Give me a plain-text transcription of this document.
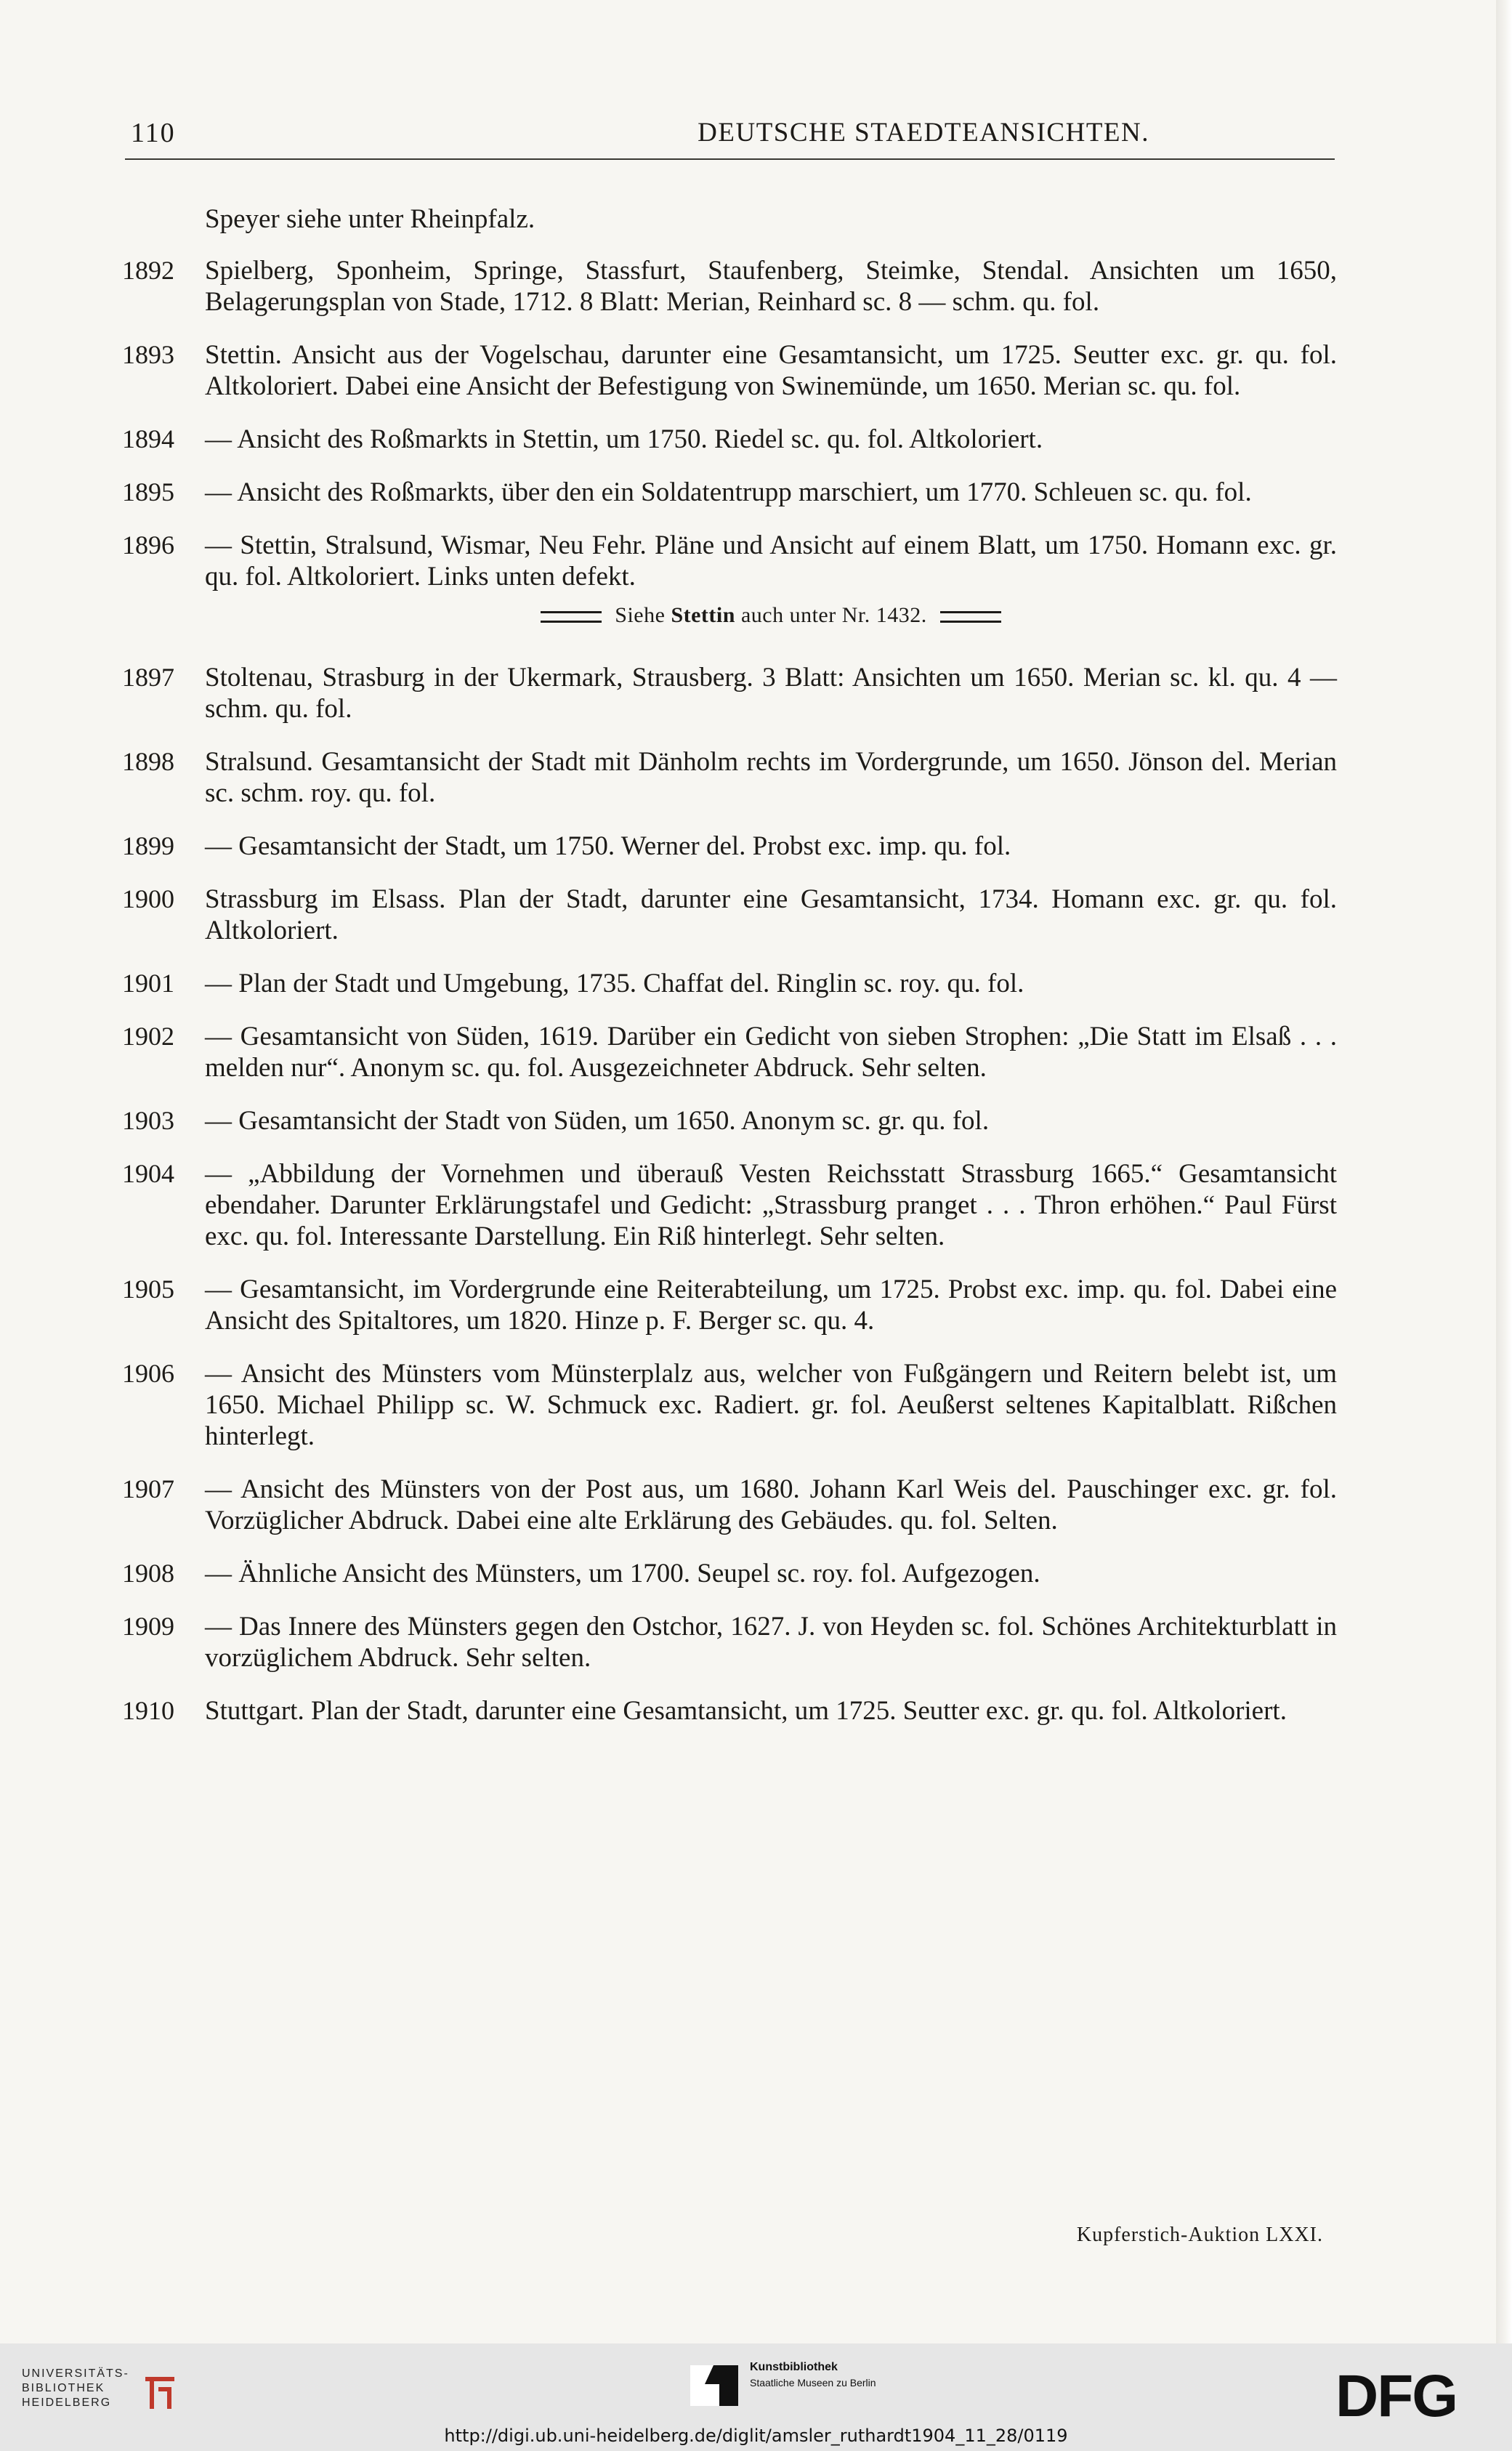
110	DEUTSCHE STAEDTEANSICHTEN.
Speyer siehe unter Rheinpfalz.
1892 Spielberg, Sponheim, Springe, Stassfurt, Staufenberg, Steimke, Stendal. Ansichten um 1650, Belagerungsplan von Stade, 1712. 8 Blatt: Merian, Reinhard sc. 8 — schm. qu. fol.
1893 Stettin. Ansicht aus der Vogelschau, darunter eine Gesamtansicht, um 1725. Seutter exc. gr. qu. fol. Altkoloriert. Dabei eine Ansicht der Befestigung von Swinemünde, um 1650. Merian sc. qu. fol.
1894 — Ansicht des Roßmarkts in Stettin, um 1750. Riedel sc. qu. fol. Altkoloriert.
1895 — Ansicht des Roßmarkts, über den ein Soldatentrupp marschiert, um 1770. Schleuen sc. qu. fol.
1896 — Stettin, Stralsund, Wismar, Neu Fehr. Pläne und Ansicht auf einem Blatt, um 1750. Homann exc. gr. qu. fol. Altkoloriert. Links unten defekt.
Siehe Stettin auch unter Nr. 1432.
1897 Stoltenau, Strasburg in der Ukermark, Strausberg. 3 Blatt: Ansichten um 1650. Merian sc. kl. qu. 4 — schm. qu. fol.
1898 Stralsund. Gesamtansicht der Stadt mit Dänholm rechts im Vordergrunde, um 1650. Jönson del. Merian sc. schm. roy. qu. fol.
1899 — Gesamtansicht der Stadt, um 1750. Werner del. Probst exc. imp. qu. fol.
1900 Strassburg im Elsass. Plan der Stadt, darunter eine Gesamtansicht, 1734. Homann exc. gr. qu. fol. Altkoloriert.
1901 — Plan der Stadt und Umgebung, 1735. Chaffat del. Ringlin sc. roy. qu. fol.
1902 — Gesamtansicht von Süden, 1619. Darüber ein Gedicht von sieben Strophen: „Die Statt im Elsaß . . . melden nur“. Anonym sc. qu. fol. Ausgezeichneter Abdruck. Sehr selten.
1903 — Gesamtansicht der Stadt von Süden, um 1650. Anonym sc. gr. qu. fol.
1904 — „Abbildung der Vornehmen und überauß Vesten Reichsstatt Strassburg 1665.“ Gesamtansicht ebendaher. Darunter Erklärungstafel und Gedicht: „Strassburg pranget . . . Thron erhöhen.“ Paul Fürst exc. qu. fol. Interessante Darstellung. Ein Riß hinterlegt. Sehr selten.
1905 — Gesamtansicht, im Vordergrunde eine Reiterabteilung, um 1725. Probst exc. imp. qu. fol. Dabei eine Ansicht des Spitaltores, um 1820. Hinze p. F. Berger sc. qu. 4.
1906 — Ansicht des Münsters vom Münsterplalz aus, welcher von Fußgängern und Reitern belebt ist, um 1650. Michael Philipp sc. W. Schmuck exc. Radiert. gr. fol. Aeußerst seltenes Kapitalblatt. Rißchen hinterlegt.
1907 — Ansicht des Münsters von der Post aus, um 1680. Johann Karl Weis del. Pauschinger exc. gr. fol. Vorzüglicher Abdruck. Dabei eine alte Erklärung des Gebäudes. qu. fol. Selten.
1908 — Ähnliche Ansicht des Münsters, um 1700. Seupel sc. roy. fol. Aufgezogen.
1909 — Das Innere des Münsters gegen den Ostchor, 1627. J. von Heyden sc. fol. Schönes Architekturblatt in vorzüglichem Abdruck. Sehr selten.
1910 Stuttgart. Plan der Stadt, darunter eine Gesamtansicht, um 1725. Seutter exc. gr. qu. fol. Altkoloriert.
Kupferstich-Auktion LXXI.
UNIVERSITÄTS-
BIBLIOTHEK
HEIDELBERG
Kunstbibliothek
Staatliche Museen zu Berlin	DFG
http://digi.ub.uni-heidelberg.de/diglit/amsler_ruthardt1904_11_28/0119
